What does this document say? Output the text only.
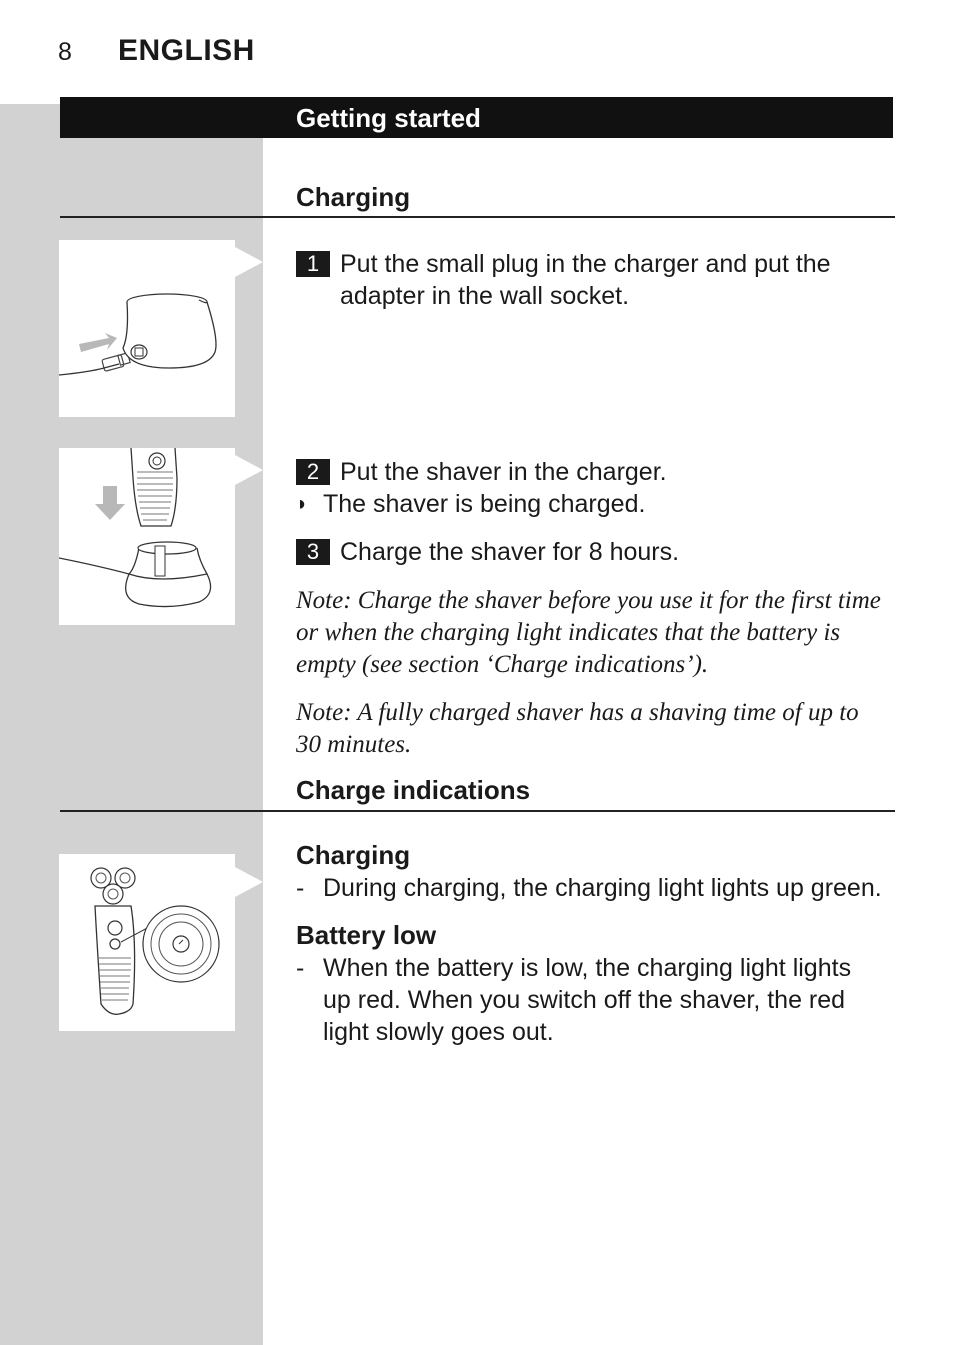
8 ENGLISH
Getting started
Charging
1 Put the small plug in the charger and put the adapter in the wall socket.
2 Put the shaver in the charger.
◗ The shaver is being charged.
3 Charge the shaver for 8 hours.
Note: Charge the shaver before you use it for the first time or when the charging light indicates that the battery is empty (see section ‘Charge indications’).
Note: A fully charged shaver has a shaving time of up to 30 minutes.
Charge indications
Charging
- During charging, the charging light lights up green.
Battery low
- When the battery is low, the charging light lights up red. When you switch off the shaver, the red light slowly goes out.
